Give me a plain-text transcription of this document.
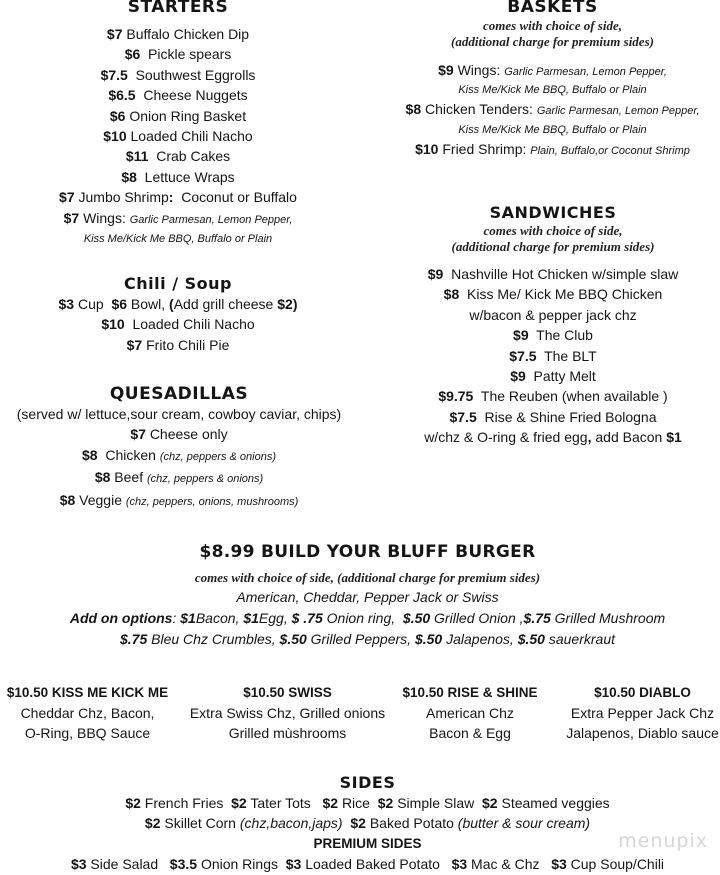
STARTERS
$7 Buffalo Chicken Dip
$6 Pickle spears
$7.5 Southwest Eggrolls
$6.5 Cheese Nuggets
$6 Onion Ring Basket
$10 Loaded Chili Nacho
$11 Crab Cakes
$8 Lettuce Wraps
$7 Jumbo Shrimp: Coconut or Buffalo
$7 Wings: Garlic Parmesan, Lemon Pepper,
Kiss Me/Kick Me BBQ, Buffalo or Plain
Chili / Soup
$3 Cup $6 Bowl, (Add grill cheese $2)
$10 Loaded Chili Nacho
$7 Frito Chili Pie
QUESADILLAS
(served w/ lettuce,sour cream, cowboy caviar, chips)
$7 Cheese only
$8 Chicken (chz, peppers & onions)
$8 Beef (chz, peppers & onions)
$8 Veggie (chz, peppers, onions, mushrooms)
BASKETS
comes with choice of side,
(additional charge for premium sides)
$9 Wings: Garlic Parmesan, Lemon Pepper,
Kiss Me/Kick Me BBQ, Buffalo or Plain
$8 Chicken Tenders: Garlic Parmesan, Lemon Pepper,
Kiss Me/Kick Me BBQ, Buffalo or Plain
$10 Fried Shrimp: Plain, Buffalo,or Coconut Shrimp
SANDWICHES
comes with choice of side,
(additional charge for premium sides)
$9 Nashville Hot Chicken w/simple slaw
$8 Kiss Me/ Kick Me BBQ Chicken
w/bacon & pepper jack chz
$9 The Club
$7.5 The BLT
$9 Patty Melt
$9.75 The Reuben (when available )
$7.5 Rise & Shine Fried Bologna
w/chz & O-ring & fried egg, add Bacon $1
$8.99 BUILD YOUR BLUFF BURGER
comes with choice of side, (additional charge for premium sides)
American, Cheddar, Pepper Jack or Swiss
Add on options: $1Bacon, $1Egg, $ .75 Onion ring, $.50 Grilled Onion ,$.75 Grilled Mushroom
$.75 Bleu Chz Crumbles, $.50 Grilled Peppers, $.50 Jalapenos, $.50 sauerkraut
$10.50 KISS ME KICK ME
Cheddar Chz, Bacon,
O-Ring, BBQ Sauce
$10.50 SWISS
Extra Swiss Chz, Grilled onions
Grilled mùshrooms
$10.50 RISE & SHINE
American Chz
Bacon & Egg
$10.50 DIABLO
Extra Pepper Jack Chz
Jalapenos, Diablo sauce
SIDES
$2 French Fries $2 Tater Tots $2 Rice $2 Simple Slaw $2 Steamed veggies
$2 Skillet Corn (chz,bacon,japs) $2 Baked Potato (butter & sour cream)
PREMIUM SIDES
$3 Side Salad $3.5 Onion Rings $3 Loaded Baked Potato $3 Mac & Chz $3 Cup Soup/Chili
menupix
